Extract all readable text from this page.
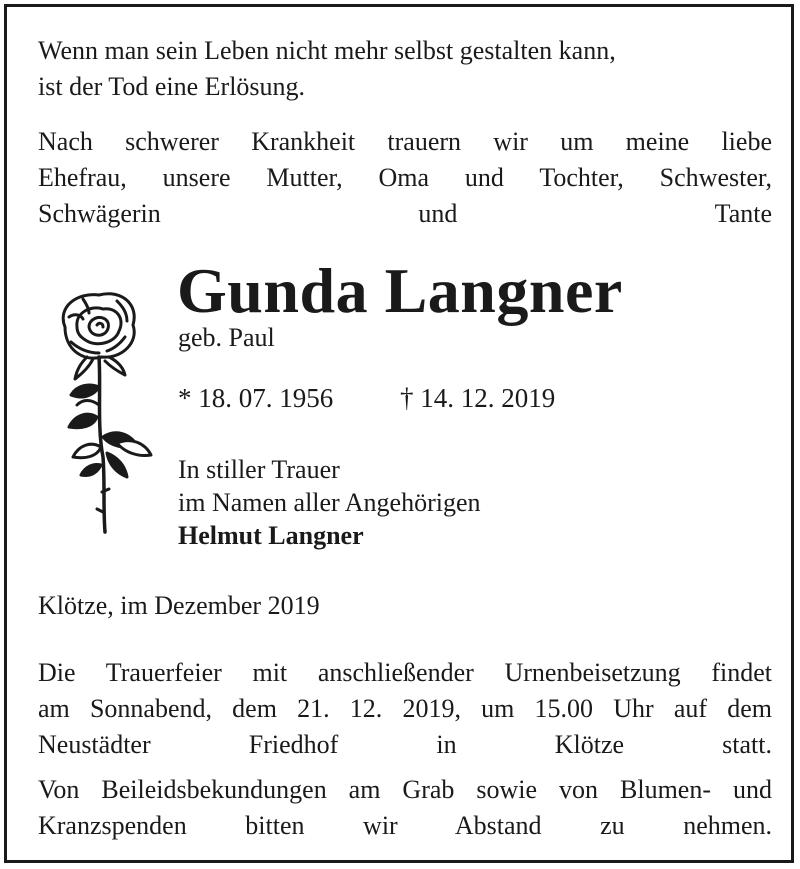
Wenn man sein Leben nicht mehr selbst gestalten kann,
ist der Tod eine Erlösung.

Nach schwerer Krankheit trauern wir um meine liebe
Ehefrau, unsere Mutter, Oma und Tochter, Schwester,
Schwägerin und Tante

Gunda Langner

geb. Paul

* 18. 07. 1956 † 14. 12. 2019

In stiller Trauer

im Namen aller Angehörigen

Helmut Langner

Klötze, im Dezember 2019

Die Trauerfeier mit anschließender Urnenbeisetzung findet
am Sonnabend, dem 21. 12. 2019, um 15.00 Uhr auf dem
Neustädter Friedhof in Klötze statt.

Von Beileidsbekundungen am Grab sowie von Blumen- und
Kranzspenden bitten wir Abstand zu nehmen.
